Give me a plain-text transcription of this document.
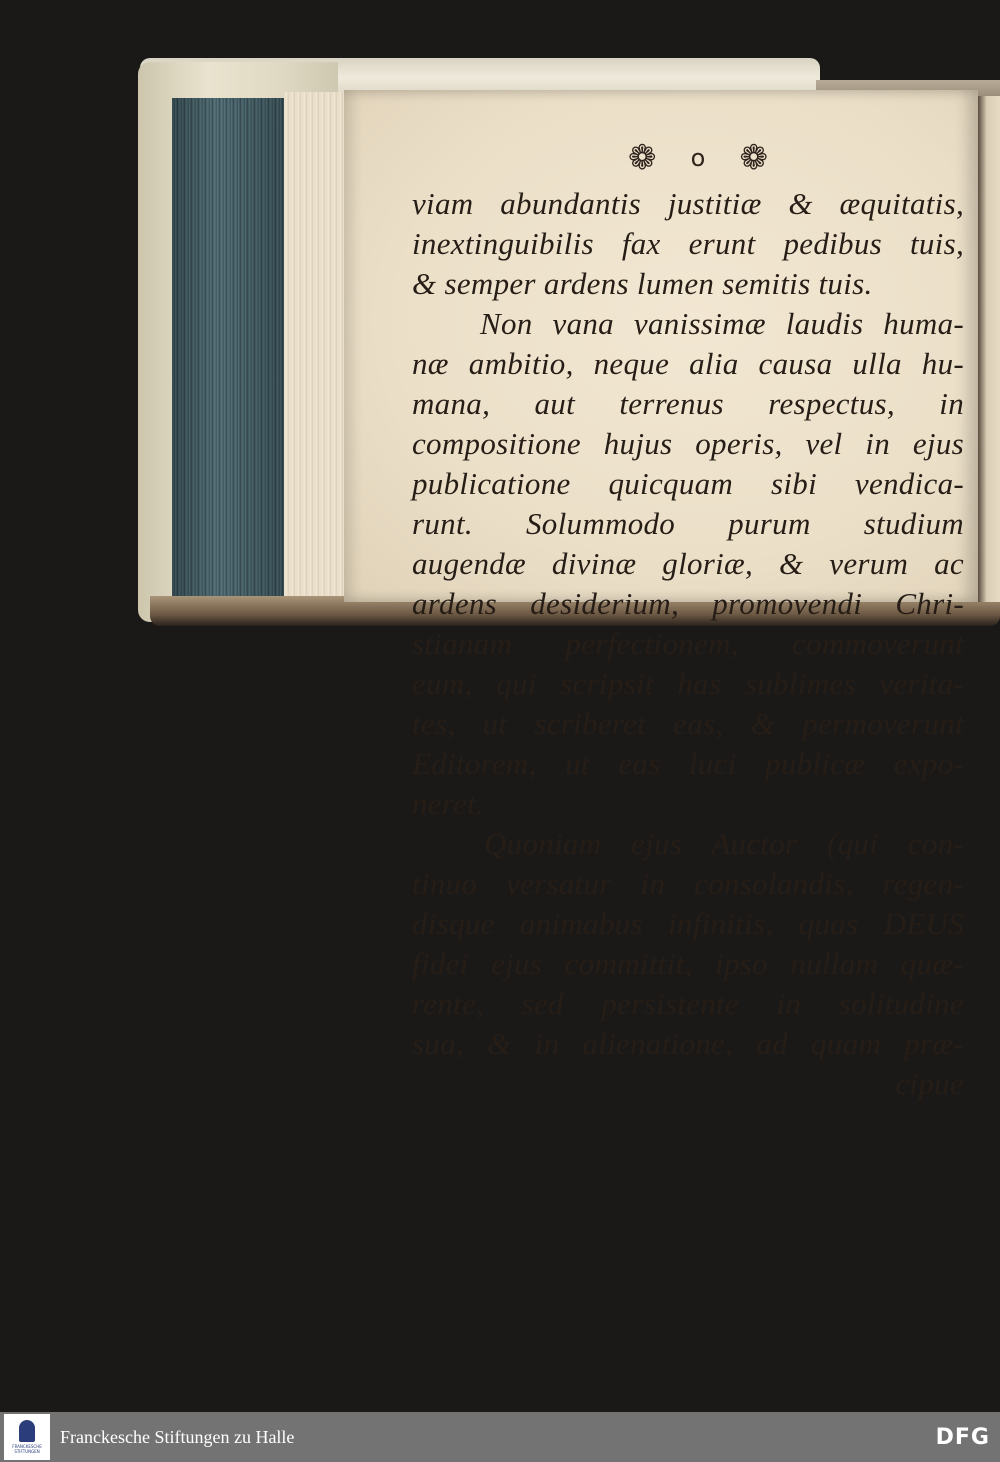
❁ o ❁
viam abundantis justitiæ & æquitatis,
inextinguibilis fax erunt pedibus tuis,
& semper ardens lumen semitis tuis.
Non vana vanissimæ laudis huma-
næ ambitio, neque alia causa ulla hu-
mana, aut terrenus respectus, in
compositione hujus operis, vel in ejus
publicatione quicquam sibi vendica-
runt. Solummodo purum studium
augendæ divinæ gloriæ, & verum ac
ardens desiderium, promovendi Chri-
stianam perfectionem, commoverunt
eum, qui scripsit has sublimes verita-
tes, ut scriberet eas, & permoverunt
Editorem, ut eas luci publicæ expo-
neret.
Quoniam ejus Auctor (qui con-
tinuo versatur in consolandis, regen-
disque animabus infinitis, quas DEUS
fidei ejus committit, ipso nullam quæ-
rente, sed persistente in solitudine
sua, & in alienatione, ad quam præ-
cipue
FRANCKESCHE STIFTUNGEN
Franckesche Stiftungen zu Halle	DFG
